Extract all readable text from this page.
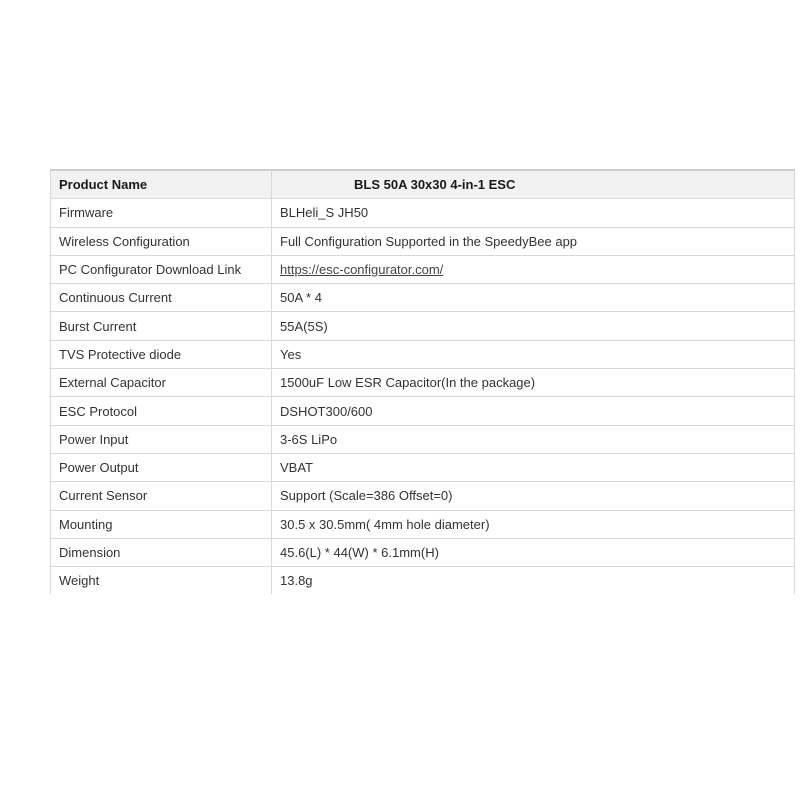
Product Name	BLS 50A 30x30 4-in-1 ESC
Firmware	BLHeli_S JH50
Wireless Configuration	Full Configuration Supported in the SpeedyBee app
PC Configurator Download Link	https://esc-configurator.com/
Continuous Current	50A * 4
Burst Current	55A(5S)
TVS Protective diode	Yes
External Capacitor	1500uF Low ESR Capacitor(In the package)
ESC Protocol	DSHOT300/600
Power Input	3-6S LiPo
Power Output	VBAT
Current Sensor	Support (Scale=386 Offset=0)
Mounting	30.5 x 30.5mm( 4mm hole diameter)
Dimension	45.6(L) * 44(W) * 6.1mm(H)
Weight	13.8g
